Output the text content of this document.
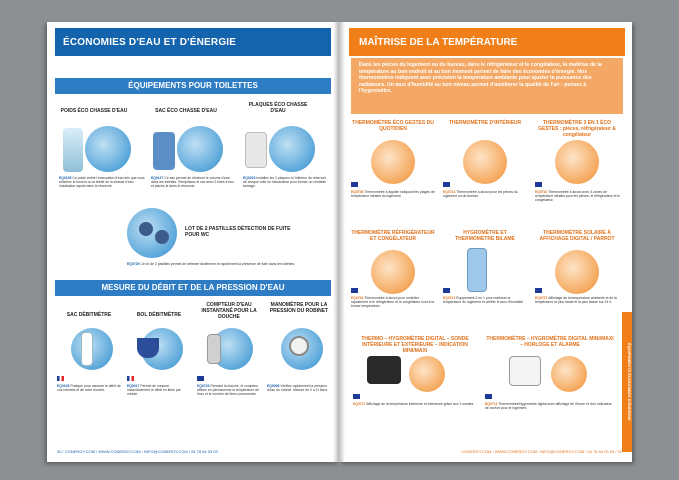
ÉCONOMIES D'EAU ET D'ÉNERGIE
ÉQUIPEMENTS POUR TOILETTES
POIDS ÉCO CHASSE D'EAU	SAC ÉCO CHASSE D'EAU
PLAQUES ÉCO CHASSE D'EAU
EQ0108 Ce poids arrête l'évacuation d'eau dès que vous relâchez le bouton ou la tirette de la chasse d'eau. Installation rapide dans le réservoir.
EQ0127 Ce sac permet de diminuer le volume d'eau dans les toilettes. Remplissez le sac avec 2 litres d'eau et placez-le dans le réservoir.
EQ0023 Installez les 2 plaques à l'intérieur du réservoir, de chaque côté du mécanisme pour former un véritable barrage.
LOT DE 2 PASTILLES DÉTECTION DE FUITE POUR WC
EQ0729 Ce lot de 2 pastilles permet de détecter facilement et rapidement la présence de fuite dans les toilettes.
MESURE DU DÉBIT ET DE LA PRESSION D'EAU
SAC DÉBITMÈTRE	BOL DÉBITMÈTRE
COMPTEUR D'EAU INSTANTANÉ POUR LA DOUCHE
MANOMÈTRE POUR LA PRESSION DU ROBINET
EQ0109 Pratique pour mesurer le débit de vos robinets et de votre douche.
EQ0017 Permet de mesurer instantanément le débit en litres par minute.
EQ0723 Pendant la douche, le compteur affiche en permanence la température de l'eau et le nombre de litres consommés.
EQ0006 Vérifiez rapidement la pression d'eau du robinet. Mesure de 0 à 11 Bars.
30 / CONERGY.COM / WWW.CONERGY.COM / INFO@CONERGY.COM / 04 78 54 03 03
MAÎTRISE DE LA TEMPÉRATURE
Dans les pièces du logement ou du bureau, dans le réfrigérateur et le congélateur, la maîtrise de la température au bon endroit et au bon moment permet de faire des économies d'énergie. Nos thermomètres indiquent avec précision la température ambiante pour ajuster la puissance des radiateurs. Un taux d'humidité au bon niveau permet d'améliorer la qualité de l'air : pensez à l'hygromètre.
THERMOMÈTRE ÉCO GESTES DU QUOTIDIEN
THERMOMÈTRE D'INTÉRIEUR	THERMOMÈTRE 3 EN 1 ÉCO GESTES : pièces, réfrigérateur & congélateur
EQ0708 Thermomètre à aiguille indiquant les plages de température idéales du logement.
EQ0713 Thermomètre à alcool pour les pièces du logement ou du bureau.
EQ0710 Thermomètre à alcool avec 3 zones de température idéales pour les pièces, le réfrigérateur et le congélateur.
THERMOMÈTRE RÉFRIGÉRATEUR ET CONGÉLATEUR
HYGROMÈTRE ET THERMOMÈTRE BILAME
THERMOMÈTRE SOLAIRE À AFFICHAGE DIGITAL / PARROT
EQ0704 Thermomètre à alcool pour contrôler rapidement si le réfrigérateur et le congélateur sont à la bonne température.
EQ0712 Équipement 2 en 1 pour maîtriser la température du logement et vérifier le taux d'humidité.
EQ0707 Affichage de la température ambiante et de la température la plus haute et la plus basse sur 24 h.
THERMO – HYGROMÈTRE DIGITAL – SONDE INTÉRIEURE ET EXTÉRIEURE – INDICATION MINI/MAXI
THERMOMÈTRE – HYGROMÈTRE DIGITAL MINI/MAXI – HORLOGE ET ALARME
EQ0717 Affichage de la température intérieure et extérieure grâce aux 2 sondes.	EQ0714 Thermomètre/hygromètre digital avec affichage de l'heure et d'un indicateur de confort pour le logement.	ÉQUIPEMENTS ÉCONOMIES D'ÉNERGIE
CONERGY.COM / WWW.CONERGY.COM / INFO@CONERGY.COM / 04 78 54 03 03 / 31
